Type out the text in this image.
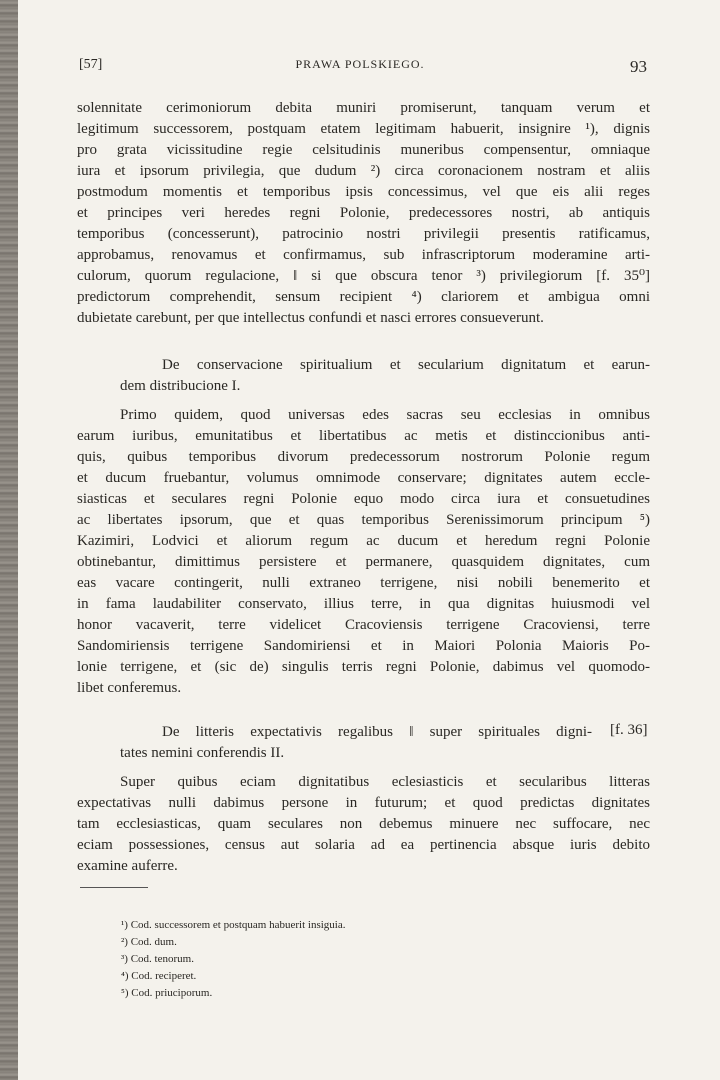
[57]	PRAWA POLSKIEGO.	93
solennitate cerimoniorum debita muniri promiserunt, tanquam verum et
legitimum successorem, postquam etatem legitimam habuerit, insignire ¹), dignis
pro grata vicissitudine regie celsitudinis muneribus compensentur, omniaque
iura et ipsorum privilegia, que dudum ²) circa coronacionem nostram et aliis
postmodum momentis et temporibus ipsis concessimus, vel que eis alii reges
et principes veri heredes regni Polonie, predecessores nostri, ab antiquis
temporibus (concesserunt), patrocinio nostri privilegii presentis ratificamus,
approbamus, renovamus et confirmamus, sub infrascriptorum moderamine arti-
culorum, quorum regulacione, ‖ si que obscura tenor ³) privilegiorum [f. 35⁰]
predictorum comprehendit, sensum recipient ⁴) clariorem et ambigua omni
dubietate carebunt, per que intellectus confundi et nasci errores consueverunt.
De conservacione spiritualium et secularium dignitatum et earun-
dem distribucione I.
Primo quidem, quod universas edes sacras seu ecclesias in omnibus
earum iuribus, emunitatibus et libertatibus ac metis et distinccionibus anti-
quis, quibus temporibus divorum predecessorum nostrorum Polonie regum
et ducum fruebantur, volumus omnimode conservare; dignitates autem eccle-
siasticas et seculares regni Polonie equo modo circa iura et consuetudines
ac libertates ipsorum, que et quas temporibus Serenissimorum principum ⁵)
Kazimiri, Lodvici et aliorum regum ac ducum et heredum regni Polonie
obtinebantur, dimittimus persistere et permanere, quasquidem dignitates, cum
eas vacare contingerit, nulli extraneo terrigene, nisi nobili benemerito et
in fama laudabiliter conservato, illius terre, in qua dignitas huiusmodi vel
honor vacaverit, terre videlicet Cracoviensis terrigene Cracoviensi, terre
Sandomiriensis terrigene Sandomiriensi et in Maiori Polonia Maioris Po-
lonie terrigene, et (sic de) singulis terris regni Polonie, dabimus vel quomodo-
libet conferemus.
De litteris expectativis regalibus ‖ super spirituales digni- [f. 36]
tates nemini conferendis II.
Super quibus eciam dignitatibus eclesiasticis et secularibus litteras
expectativas nulli dabimus persone in futurum; et quod predictas dignitates
tam ecclesiasticas, quam seculares non debemus minuere nec suffocare, nec
eciam possessiones, census aut solaria ad ea pertinencia absque iuris debito
examine auferre.
¹) Cod. successorem et postquam habuerit insiguia.
²) Cod. dum.
³) Cod. tenorum.
⁴) Cod. reciperet.
⁵) Cod. priuciporum.
